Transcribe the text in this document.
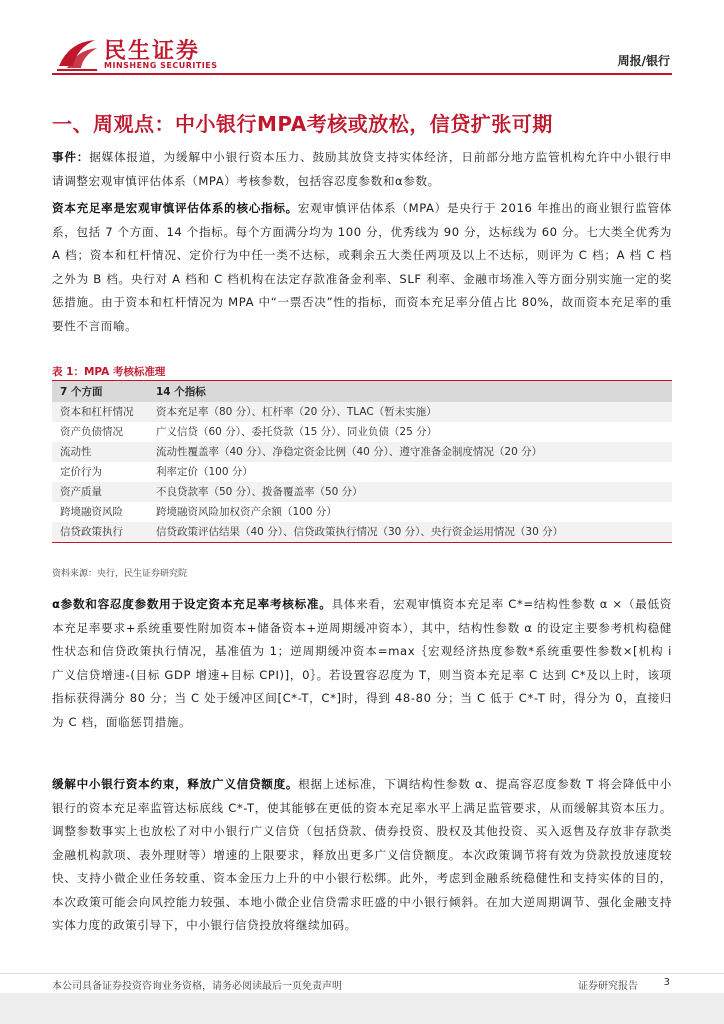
民生证券
MINSHENG SECURITIES	周报/银行
一、周观点：中小银行MPA考核或放松，信贷扩张可期
事件：据媒体报道，为缓解中小银行资本压力、鼓励其放贷支持实体经济，日前部分地方监管机构允许中小银行申请调整宏观审慎评估体系（MPA）考核参数，包括容忍度参数和α参数。
资本充足率是宏观审慎评估体系的核心指标。宏观审慎评估体系（MPA）是央行于 2016 年推出的商业银行监管体系，包括 7 个方面、14 个指标。每个方面满分均为 100 分，优秀线为 90 分，达标线为 60 分。七大类全优秀为 A 档；资本和杠杆情况、定价行为中任一类不达标，或剩余五大类任两项及以上不达标，则评为 C 档；A 档 C 档之外为 B 档。央行对 A 档和 C 档机构在法定存款准备金利率、SLF 利率、金融市场准入等方面分别实施一定的奖惩措施。由于资本和杠杆情况为 MPA 中“一票否决”性的指标，而资本充足率分值占比 80%，故而资本充足率的重要性不言而喻。
表 1：MPA 考核标准理
7 个方面	14 个指标
资本和杠杆情况	资本充足率（80 分）、杠杆率（20 分）、TLAC（暂未实施）
资产负债情况	广义信贷（60 分）、委托贷款（15 分）、同业负债（25 分）
流动性	流动性覆盖率（40 分）、净稳定资金比例（40 分）、遵守准备金制度情况（20 分）
定价行为	利率定价（100 分）
资产质量	不良贷款率（50 分）、拨备覆盖率（50 分）
跨境融资风险	跨境融资风险加权资产余额（100 分）
信贷政策执行	信贷政策评估结果（40 分）、信贷政策执行情况（30 分）、央行资金运用情况（30 分）
资料来源：央行，民生证券研究院
α参数和容忍度参数用于设定资本充足率考核标准。具体来看，宏观审慎资本充足率 C*=结构性参数 α ×（最低资本充足率要求+系统重要性附加资本+储备资本+逆周期缓冲资本），其中，结构性参数 α 的设定主要参考机构稳健性状态和信贷政策执行情况，基准值为 1；逆周期缓冲资本=max｛宏观经济热度参数*系统重要性参数×[机构 i 广义信贷增速-(目标 GDP 增速+目标 CPI)]，0｝。若设置容忍度为 T，则当资本充足率 C 达到 C*及以上时，该项指标获得满分 80 分；当 C 处于缓冲区间[C*-T，C*]时，得到 48-80 分；当 C 低于 C*-T 时，得分为 0，直接归为 C 档，面临惩罚措施。
缓解中小银行资本约束，释放广义信贷额度。根据上述标准，下调结构性参数 α、提高容忍度参数 T 将会降低中小银行的资本充足率监管达标底线 C*-T，使其能够在更低的资本充足率水平上满足监管要求，从而缓解其资本压力。调整参数事实上也放松了对中小银行广义信贷（包括贷款、债券投资、股权及其他投资、买入返售及存放非存款类金融机构款项、表外理财等）增速的上限要求，释放出更多广义信贷额度。本次政策调节将有效为贷款投放速度较快、支持小微企业任务较重、资本金压力上升的中小银行松绑。此外，考虑到金融系统稳健性和支持实体的目的，本次政策可能会向风控能力较强、本地小微企业信贷需求旺盛的中小银行倾斜。在加大逆周期调节、强化金融支持实体力度的政策引导下，中小银行信贷投放将继续加码。
本公司具备证券投资咨询业务资格，请务必阅读最后一页免责声明	证券研究报告	3
